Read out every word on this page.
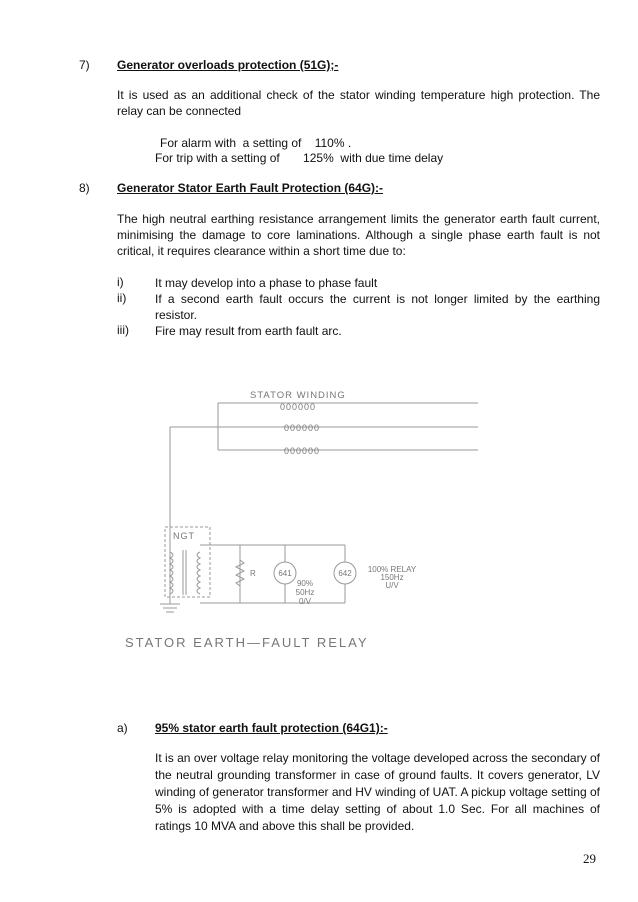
7) Generator overloads protection (51G);-
It is used as an additional check of the stator winding temperature high protection. The relay can be connected
For alarm with  a setting of    110% .
For trip with a setting of       125%  with due time delay
8) Generator Stator Earth Fault Protection (64G):-
The high neutral earthing resistance arrangement limits the generator earth fault current, minimising the damage to core laminations. Although a single phase earth fault is not critical, it requires clearance within a short time due to:
i)	It may develop into a phase to phase fault
ii) If a second earth fault occurs the current is not longer limited by the earthing resistor.
iii) Fire may result from earth fault arc.
STATOR WINDING
000000
000000
000000
NGT
R	641	642
90%
50Hz
0/V
100% RELAY
150Hz
U/V
STATOR EARTH—FAULT RELAY
a) 95% stator earth fault protection (64G1):-
It is an over voltage relay monitoring the voltage developed across the secondary of the neutral grounding transformer in case of ground faults. It covers generator, LV winding of generator transformer and HV winding of UAT. A pickup voltage setting of 5% is adopted with a time delay setting of about 1.0 Sec. For all machines of ratings 10 MVA and above this shall be provided.
29
